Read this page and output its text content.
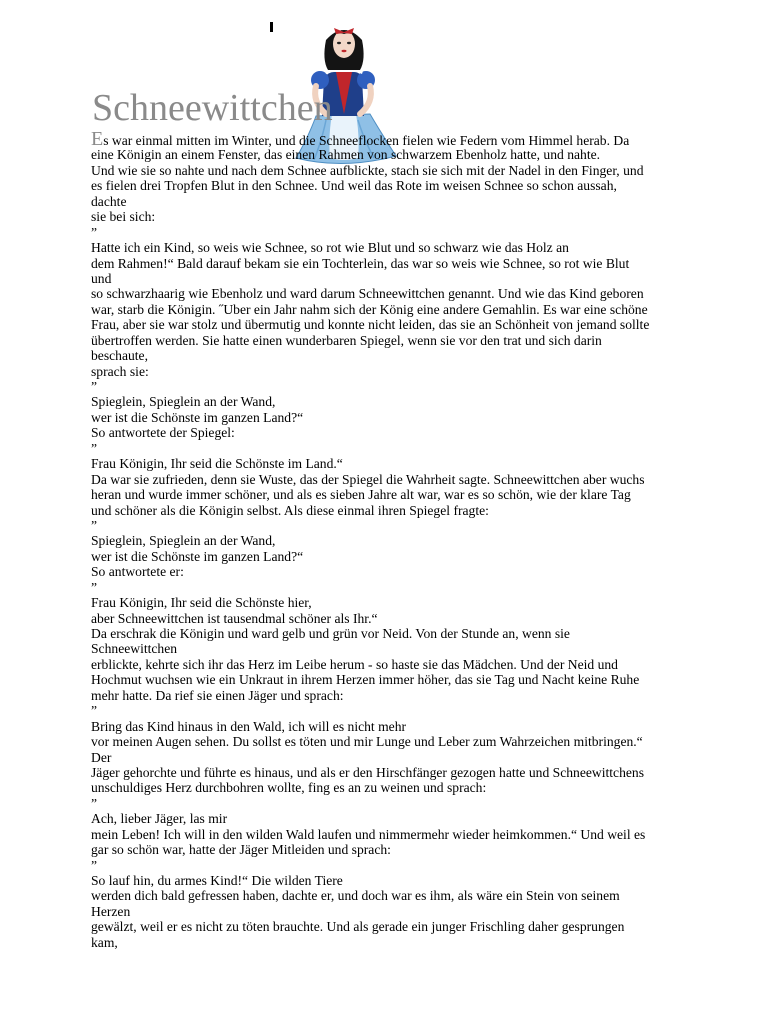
Schneewittchen
Es war einmal mitten im Winter, und die Schneeflocken fielen wie Federn vom Himmel herab. Da
eine Königin an einem Fenster, das einen Rahmen von schwarzem Ebenholz hatte, und nahte.
Und wie sie so nahte und nach dem Schnee aufblickte, stach sie sich mit der Nadel in den Finger, und
es fielen drei Tropfen Blut in den Schnee. Und weil das Rote im weisen Schnee so schon aussah,
dachte
sie bei sich:
”
Hatte ich ein Kind, so weis wie Schnee, so rot wie Blut und so schwarz wie das Holz an
dem Rahmen!“ Bald darauf bekam sie ein Tochterlein, das war so weis wie Schnee, so rot wie Blut
und
so schwarzhaarig wie Ebenholz und ward darum Schneewittchen genannt. Und wie das Kind geboren
war, starb die Königin. ˝Uber ein Jahr nahm sich der König eine andere Gemahlin. Es war eine schöne
Frau, aber sie war stolz und übermutig und konnte nicht leiden, das sie an Schönheit von jemand sollte
übertroffen werden. Sie hatte einen wunderbaren Spiegel, wenn sie vor den trat und sich darin
beschaute,
sprach sie:
”
Spieglein, Spieglein an der Wand,
wer ist die Schönste im ganzen Land?“
So antwortete der Spiegel:
”
Frau Königin, Ihr seid die Schönste im Land.“
Da war sie zufrieden, denn sie Wuste, das der Spiegel die Wahrheit sagte. Schneewittchen aber wuchs
heran und wurde immer schöner, und als es sieben Jahre alt war, war es so schön, wie der klare Tag
und schöner als die Königin selbst. Als diese einmal ihren Spiegel fragte:
”
Spieglein, Spieglein an der Wand,
wer ist die Schönste im ganzen Land?“
So antwortete er:
”
Frau Königin, Ihr seid die Schönste hier,
aber Schneewittchen ist tausendmal schöner als Ihr.“
Da erschrak die Königin und ward gelb und grün vor Neid. Von der Stunde an, wenn sie
Schneewittchen
erblickte, kehrte sich ihr das Herz im Leibe herum - so haste sie das Mädchen. Und der Neid und
Hochmut wuchsen wie ein Unkraut in ihrem Herzen immer höher, das sie Tag und Nacht keine Ruhe
mehr hatte. Da rief sie einen Jäger und sprach:
”
Bring das Kind hinaus in den Wald, ich will es nicht mehr
vor meinen Augen sehen. Du sollst es töten und mir Lunge und Leber zum Wahrzeichen mitbringen.“
Der
Jäger gehorchte und führte es hinaus, und als er den Hirschfänger gezogen hatte und Schneewittchens
unschuldiges Herz durchbohren wollte, fing es an zu weinen und sprach:
”
Ach, lieber Jäger, las mir
mein Leben! Ich will in den wilden Wald laufen und nimmermehr wieder heimkommen.“ Und weil es
gar so schön war, hatte der Jäger Mitleiden und sprach:
”
So lauf hin, du armes Kind!“ Die wilden Tiere
werden dich bald gefressen haben, dachte er, und doch war es ihm, als wäre ein Stein von seinem
Herzen
gewälzt, weil er es nicht zu töten brauchte. Und als gerade ein junger Frischling daher gesprungen
kam,
